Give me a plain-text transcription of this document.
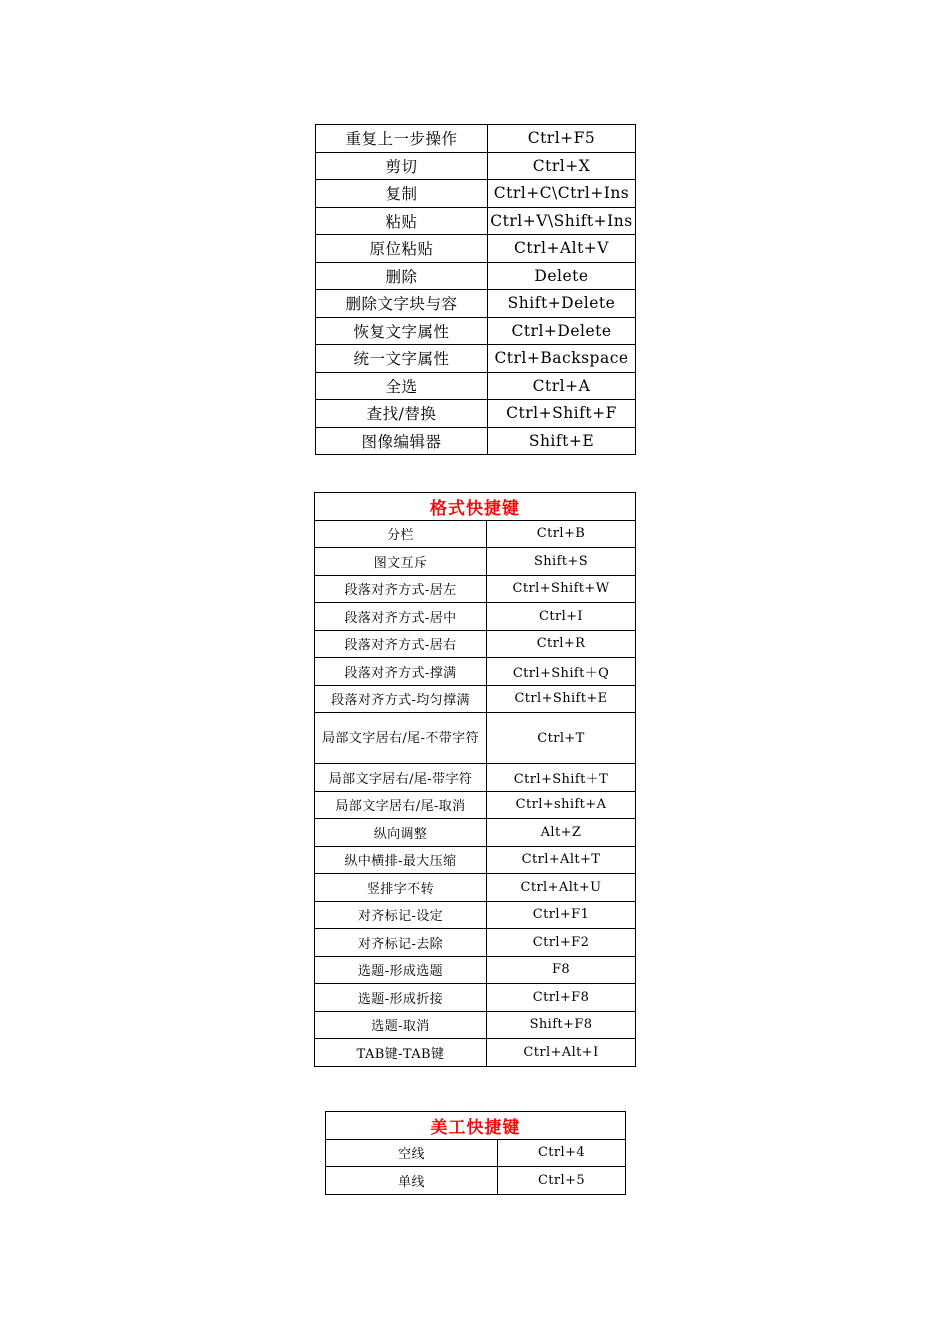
重复上一步操作	Ctrl+F5
剪切	Ctrl+X
复制	Ctrl+C\Ctrl+Ins
粘贴	Ctrl+V\Shift+Ins
原位粘贴	Ctrl+Alt+V
删除	Delete
删除文字块与容	Shift+Delete
恢复文字属性	Ctrl+Delete
统一文字属性	Ctrl+Backspace
全选	Ctrl+A
查找/替换	Ctrl+Shift+F
图像编辑器	Shift+E
格式快捷键	
分栏	Ctrl+B
图文互斥	Shift+S
段落对齐方式-居左	Ctrl+Shift+W
段落对齐方式-居中	Ctrl+I
段落对齐方式-居右	Ctrl+R
段落对齐方式-撑满	Ctrl+Shift＋Q
段落对齐方式-均匀撑满	Ctrl+Shift+E
局部文字居右/尾-不带字符	Ctrl+T
局部文字居右/尾-带字符	Ctrl+Shift＋T
局部文字居右/尾-取消	Ctrl+shift+A
纵向调整	Alt+Z
纵中横排-最大压缩	Ctrl+Alt+T
竖排字不转	Ctrl+Alt+U
对齐标记-设定	Ctrl+F1
对齐标记-去除	Ctrl+F2
选题-形成选题	F8
选题-形成折接	Ctrl+F8
选题-取消	Shift+F8
TAB键-TAB键	Ctrl+Alt+I
美工快捷键	
空线	Ctrl+4
单线	Ctrl+5
